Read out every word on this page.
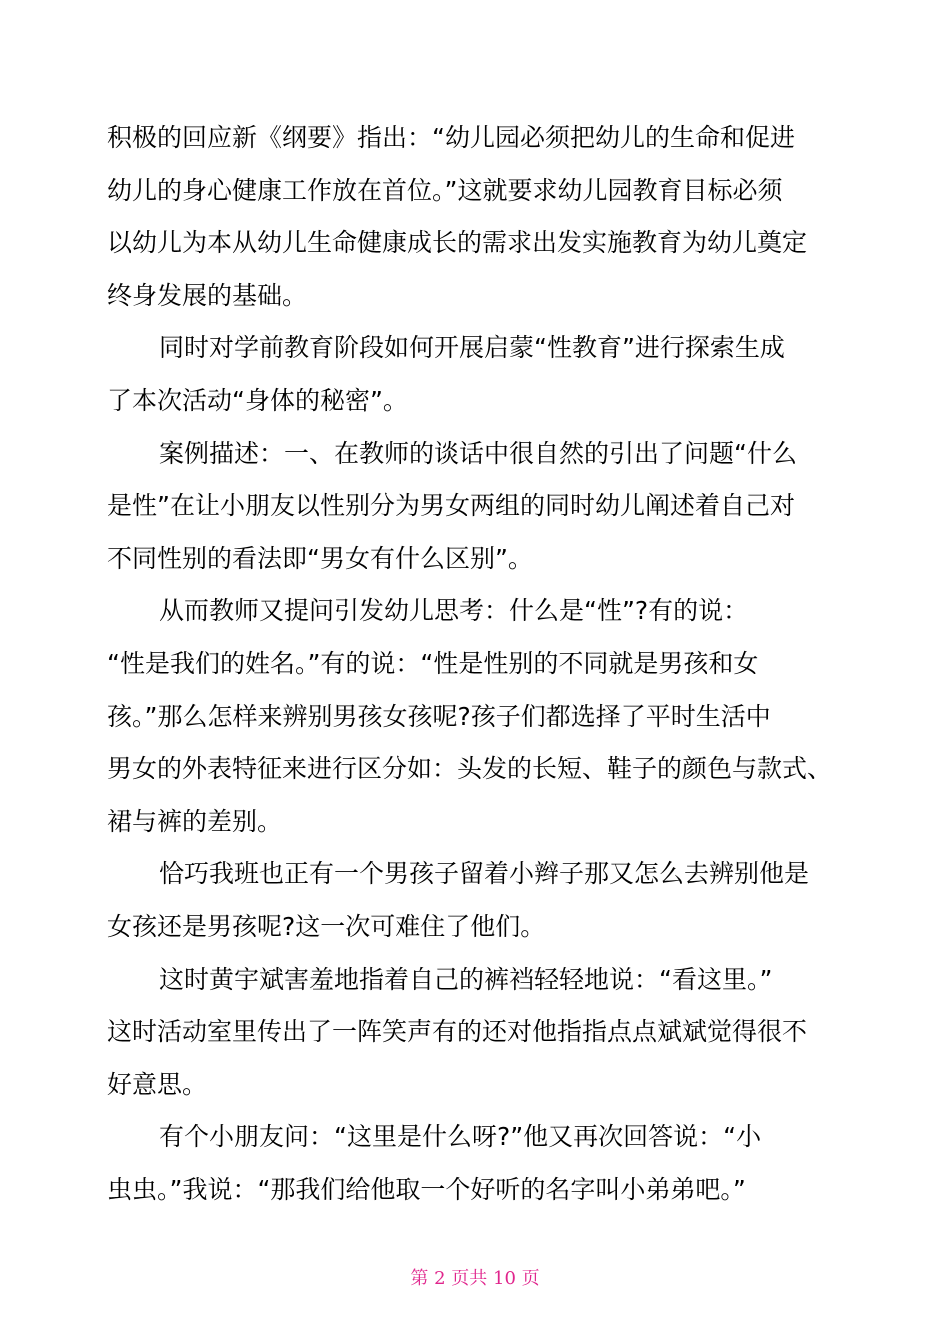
积极的回应新《纲要》指出：“幼儿园必须把幼儿的生命和促进
幼儿的身心健康工作放在首位。”这就要求幼儿园教育目标必须
以幼儿为本从幼儿生命健康成长的需求出发实施教育为幼儿奠定
终身发展的基础。
同时对学前教育阶段如何开展启蒙“性教育”进行探索生成
了本次活动“身体的秘密”。
案例描述：一、在教师的谈话中很自然的引出了问题“什么
是性”在让小朋友以性别分为男女两组的同时幼儿阐述着自己对
不同性别的看法即“男女有什么区别”。
从而教师又提问引发幼儿思考：什么是“性”?有的说：
“性是我们的姓名。”有的说：“性是性别的不同就是男孩和女
孩。”那么怎样来辨别男孩女孩呢?孩子们都选择了平时生活中
男女的外表特征来进行区分如：头发的长短、鞋子的颜色与款式、
裙与裤的差别。
恰巧我班也正有一个男孩子留着小辫子那又怎么去辨别他是
女孩还是男孩呢?这一次可难住了他们。
这时黄宇斌害羞地指着自己的裤裆轻轻地说：“看这里。”
这时活动室里传出了一阵笑声有的还对他指指点点斌斌觉得很不
好意思。
有个小朋友问：“这里是什么呀?”他又再次回答说：“小
虫虫。”我说：“那我们给他取一个好听的名字叫小弟弟吧。”
第 2 页共 10 页
